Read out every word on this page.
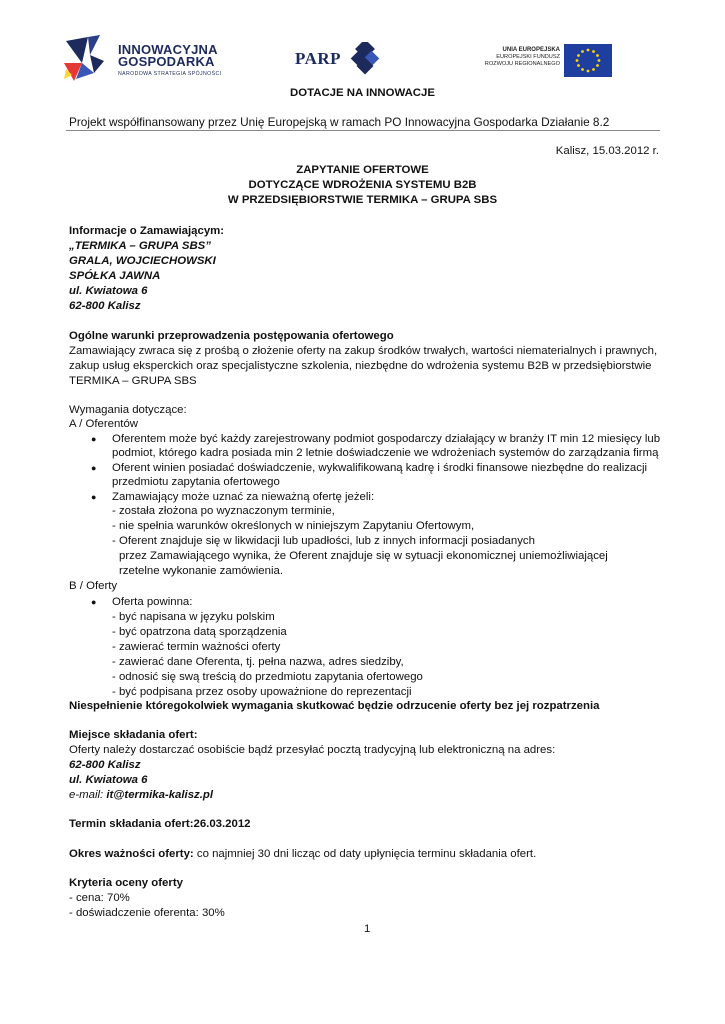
INNOWACYJNA
GOSPODARKA
NARODOWA STRATEGIA SPÓJNOŚCI
PARP	UNIA EUROPEJSKA
EUROPEJSKI FUNDUSZ
ROZWOJU REGIONALNEGO
DOTACJE NA INNOWACJE
Projekt współfinansowany przez Unię Europejską w ramach PO Innowacyjna Gospodarka Działanie 8.2
Kalisz, 15.03.2012 r.
ZAPYTANIE OFERTOWE
DOTYCZĄCE WDROŻENIA SYSTEMU B2B
W PRZEDSIĘBIORSTWIE TERMIKA – GRUPA SBS
Informacje o Zamawiającym:
„TERMIKA – GRUPA SBS”
GRALA, WOJCIECHOWSKI
SPÓŁKA JAWNA
ul. Kwiatowa 6
62-800 Kalisz
Ogólne warunki przeprowadzenia postępowania ofertowego
Zamawiający zwraca się z prośbą o złożenie oferty na zakup środków trwałych, wartości niematerialnych i prawnych,
zakup usług eksperckich oraz specjalistyczne szkolenia, niezbędne do wdrożenia systemu B2B w przedsiębiorstwie
TERMIKA – GRUPA SBS
Wymagania dotyczące:
A / Oferentów
● Oferentem może być każdy zarejestrowany podmiot gospodarczy działający w branży IT min 12 miesięcy lub
podmiot, którego kadra posiada min 2 letnie doświadczenie we wdrożeniach systemów do zarządzania firmą
● Oferent winien posiadać doświadczenie, wykwalifikowaną kadrę i środki finansowe niezbędne do realizacji
przedmiotu zapytania ofertowego
● Zamawiający może uznać za nieważną ofertę jeżeli:
- została złożona po wyznaczonym terminie,
- nie spełnia warunków określonych w niniejszym Zapytaniu Ofertowym,
- Oferent znajduje się w likwidacji lub upadłości, lub z innych informacji posiadanych
przez Zamawiającego wynika, że Oferent znajduje się w sytuacji ekonomicznej uniemożliwiającej
rzetelne wykonanie zamówienia.
B / Oferty
● Oferta powinna:
- być napisana w języku polskim
- być opatrzona datą sporządzenia
- zawierać termin ważności oferty
- zawierać dane Oferenta, tj. pełna nazwa, adres siedziby,
- odnosić się swą treścią do przedmiotu zapytania ofertowego
- być podpisana przez osoby upoważnione do reprezentacji
Niespełnienie któregokolwiek wymagania skutkować będzie odrzucenie oferty bez jej rozpatrzenia
Miejsce składania ofert:
Oferty należy dostarczać osobiście bądź przesyłać pocztą tradycyjną lub elektroniczną na adres:
62-800 Kalisz
ul. Kwiatowa 6
e-mail: it@termika-kalisz.pl
Termin składania ofert:26.03.2012
Okres ważności oferty: co najmniej 30 dni licząc od daty upłynięcia terminu składania ofert.
Kryteria oceny oferty
- cena: 70%
- doświadczenie oferenta: 30%
1
